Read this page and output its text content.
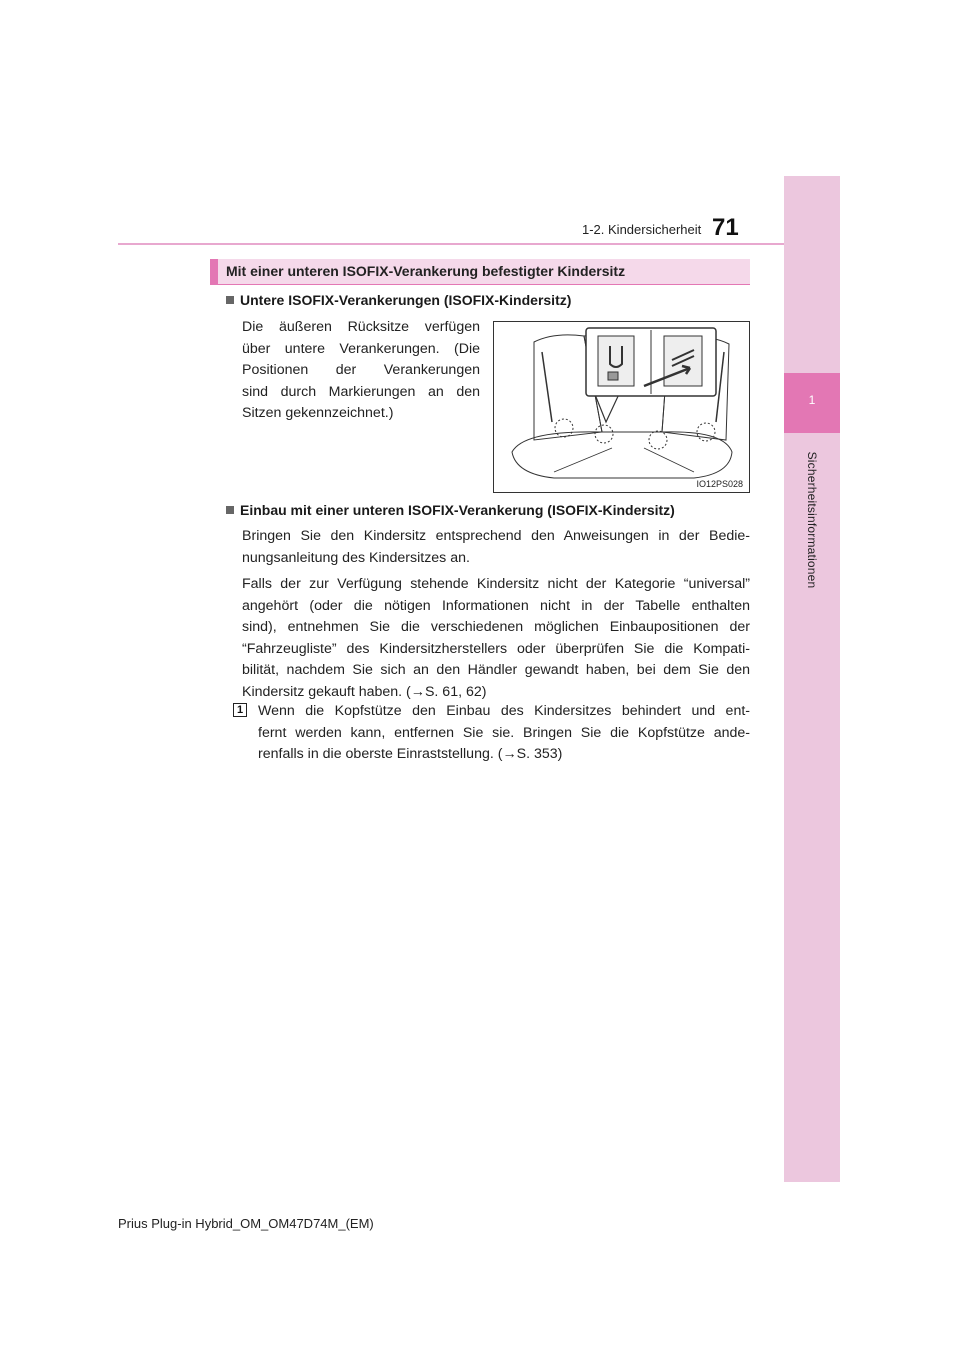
1-2. Kindersicherheit 71
1
Sicherheitsinformationen
Mit einer unteren ISOFIX-Verankerung befestigter Kindersitz
Untere ISOFIX-Verankerungen (ISOFIX-Kindersitz)
Die äußeren Rücksitze verfügen
über untere Verankerungen. (Die
Positionen der Verankerungen
sind durch Markierungen an den
Sitzen gekennzeichnet.)
IO12PS028
Einbau mit einer unteren ISOFIX-Verankerung (ISOFIX-Kindersitz)
Bringen Sie den Kindersitz entsprechend den Anweisungen in der Bedie-
nungsanleitung des Kindersitzes an.
Falls der zur Verfügung stehende Kindersitz nicht der Kategorie “universal”
angehört (oder die nötigen Informationen nicht in der Tabelle enthalten
sind), entnehmen Sie die verschiedenen möglichen Einbaupositionen der
“Fahrzeugliste” des Kindersitzherstellers oder überprüfen Sie die Kompati-
bilität, nachdem Sie sich an den Händler gewandt haben, bei dem Sie den
Kindersitz gekauft haben. (→S. 61, 62)
1 Wenn die Kopfstütze den Einbau des Kindersitzes behindert und ent-
fernt werden kann, entfernen Sie sie. Bringen Sie die Kopfstütze ande-
renfalls in die oberste Einraststellung. (→S. 353)
Prius Plug-in Hybrid_OM_OM47D74M_(EM)
